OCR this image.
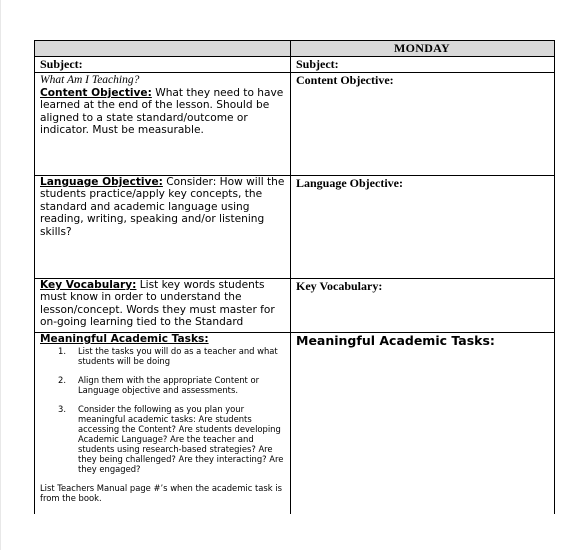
MONDAY
Subject:	Subject:
What Am I Teaching?
Content Objective: What they need to have learned at the end of the lesson. Should be aligned to a state standard/outcome or indicator. Must be measurable.
Content Objective:
Language Objective: Consider: How will the students practice/apply key concepts, the standard and academic language using reading, writing, speaking and/or listening skills?
Language Objective:
Key Vocabulary: List key words students must know in order to understand the lesson/concept. Words they must master for on-going learning tied to the Standard
Key Vocabulary:
Meaningful Academic Tasks:
1. List the tasks you will do as a teacher and what students will be doing
2. Align them with the appropriate Content or Language objective and assessments.
3. Consider the following as you plan your meaningful academic tasks: Are students accessing the Content? Are students developing Academic Language? Are the teacher and students using research-based strategies? Are they being challenged? Are they interacting? Are they engaged?
List Teachers Manual page #’s when the academic task is from the book.
Meaningful Academic Tasks:
